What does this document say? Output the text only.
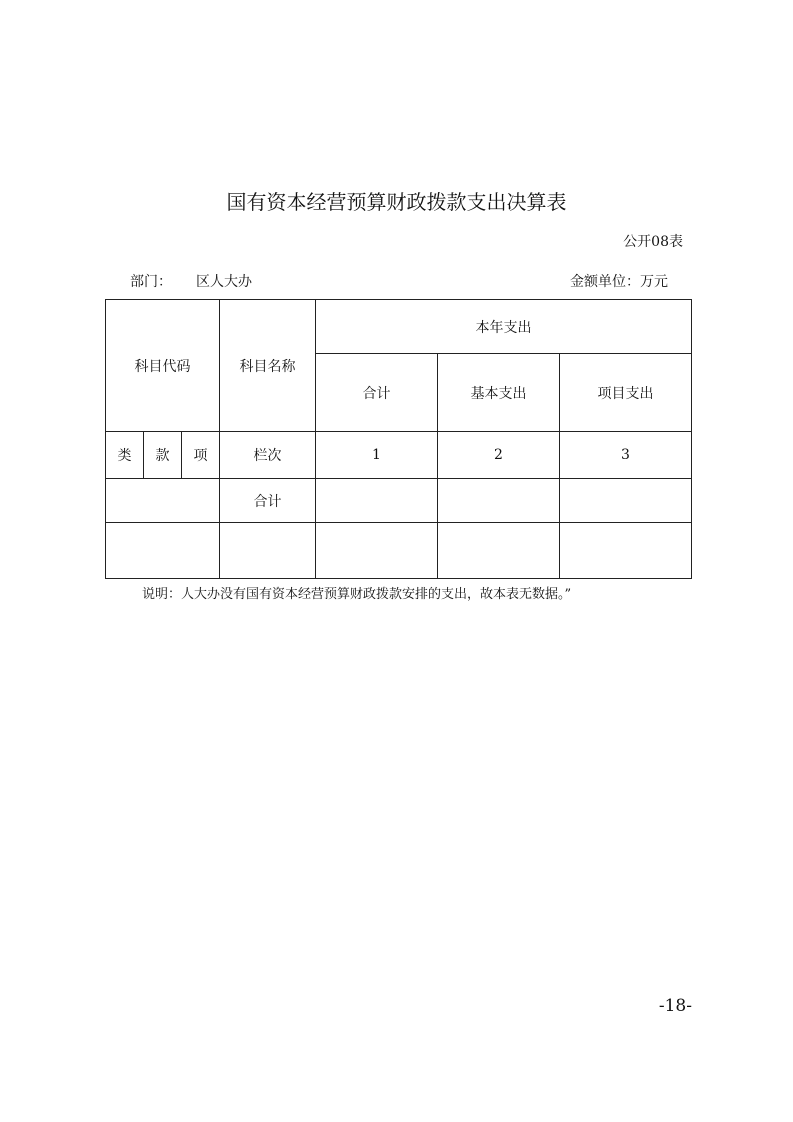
国有资本经营预算财政拨款支出决算表
公开08表
部门： 区人大办	金额单位：万元
科目代码			科目名称	本年支出		
				合计	基本支出	项目支出
类	款	项	栏次	1	2	3
			合计			

说明：人大办没有国有资本经营预算财政拨款安排的支出，故本表无数据。”
-18-
